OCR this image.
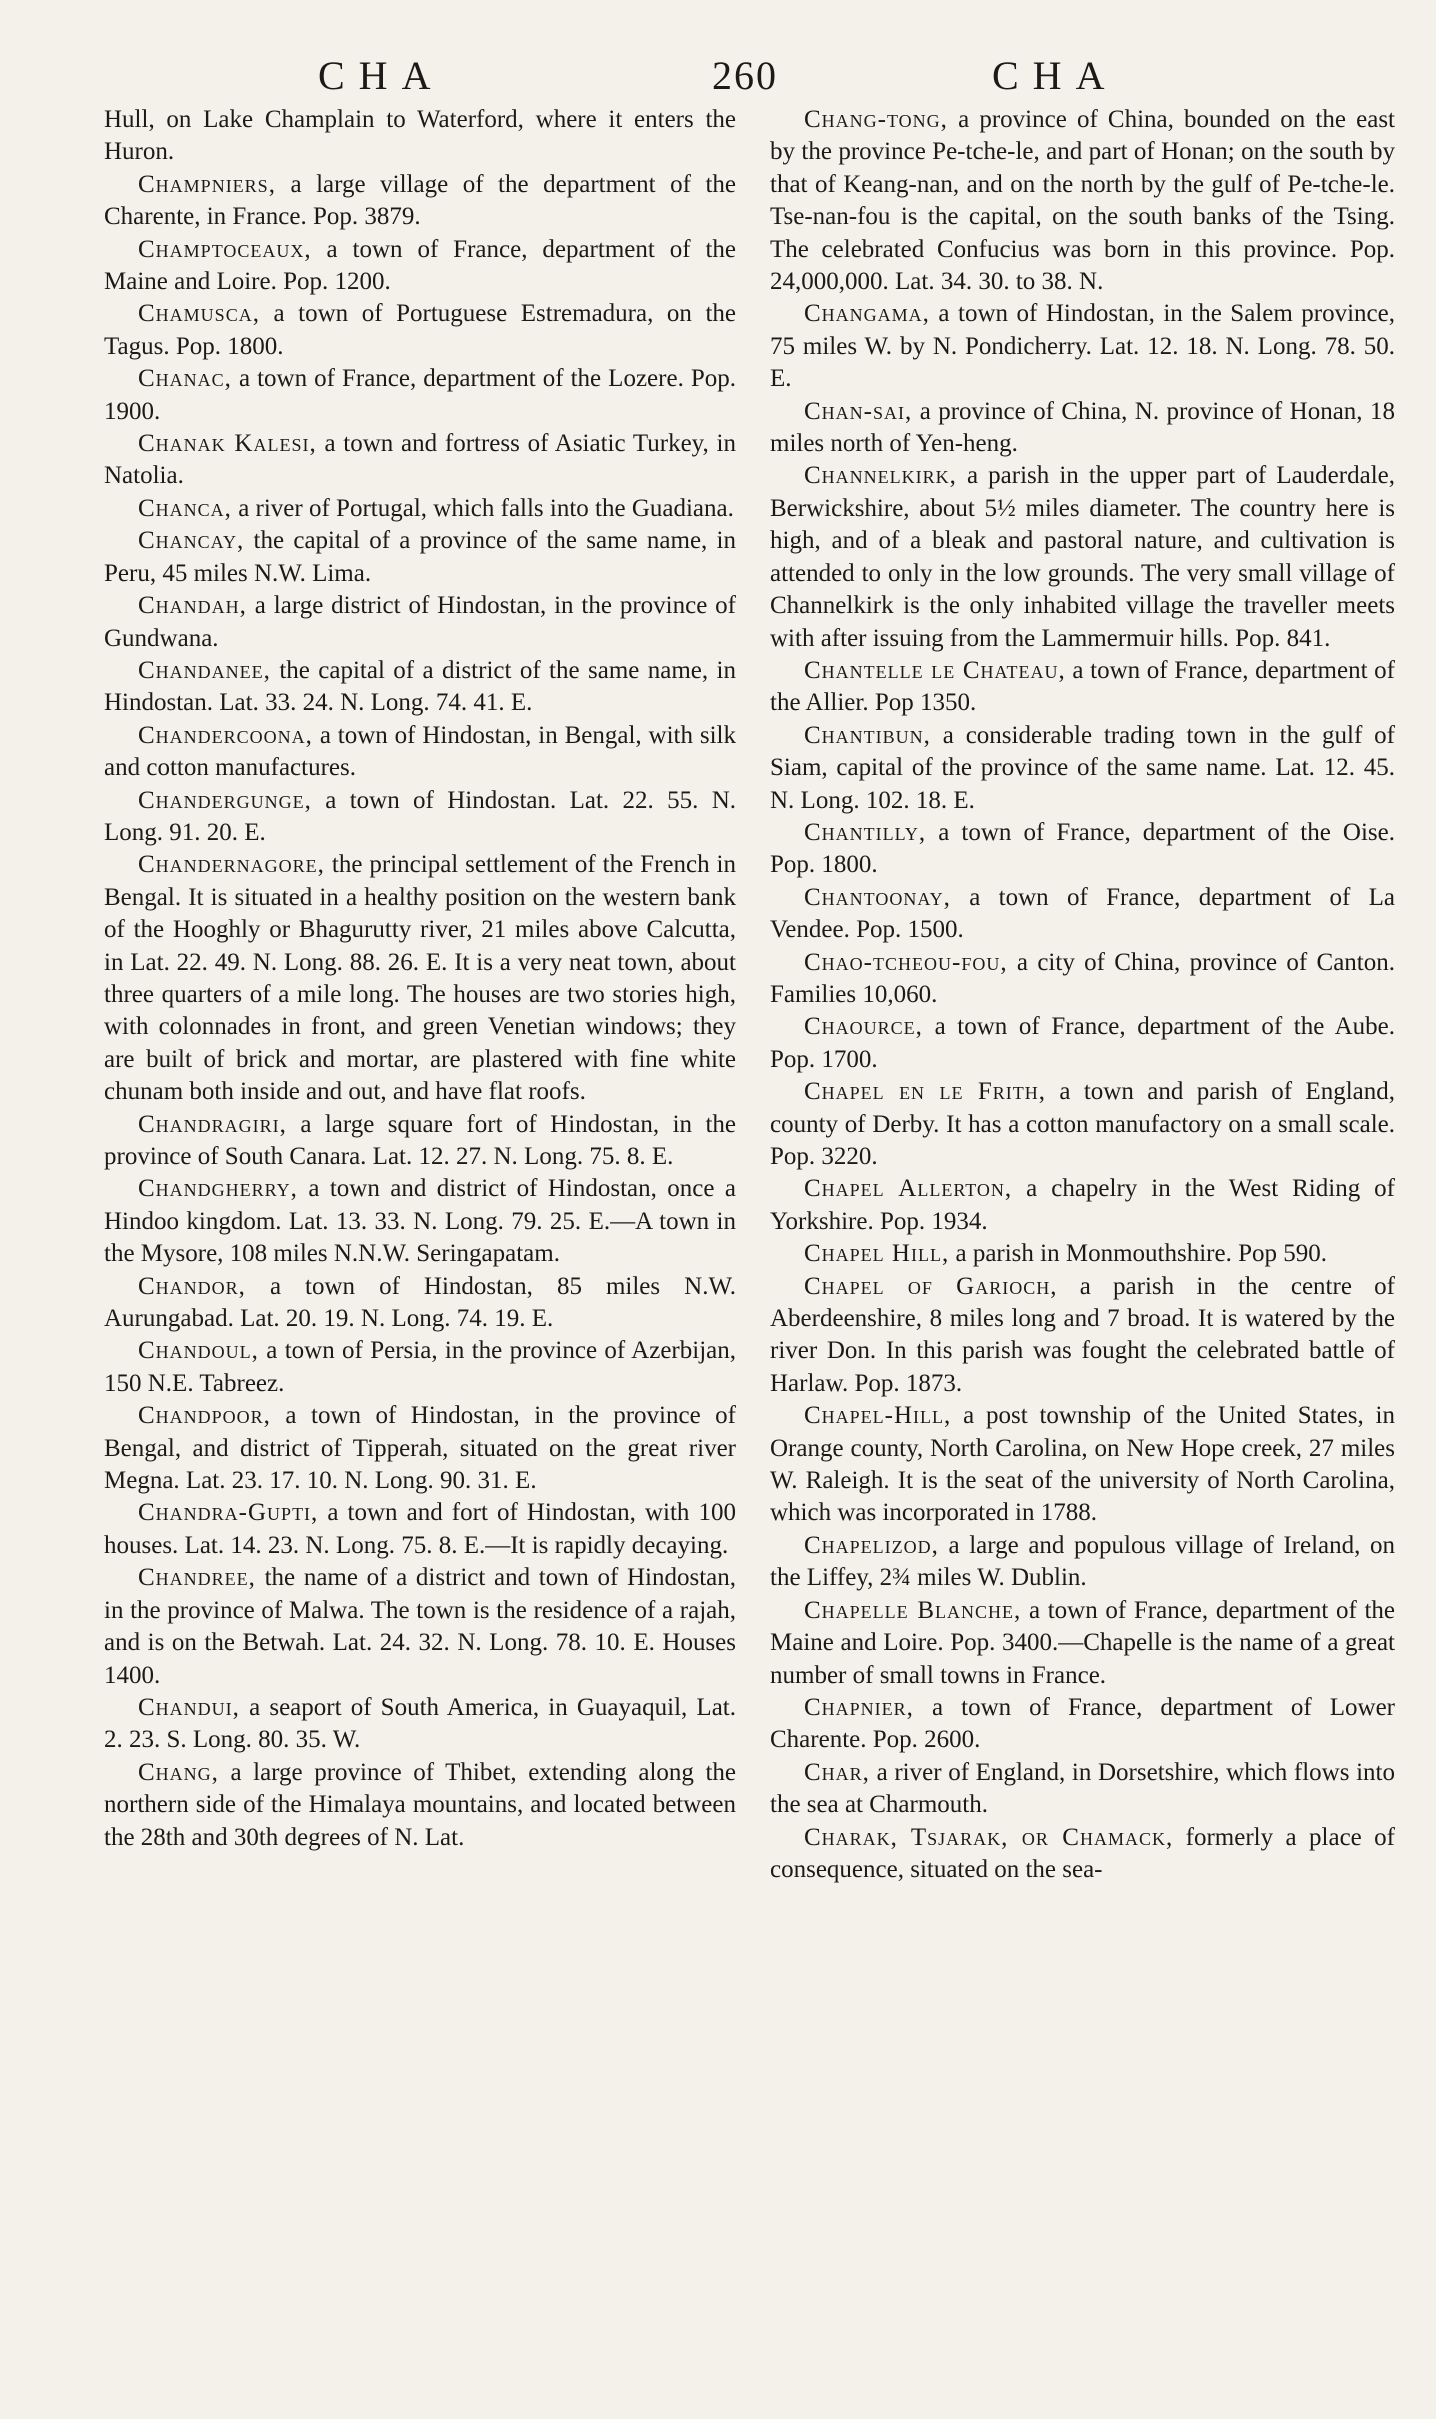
CHA	260	CHA

Hull, on Lake Champlain to Waterford, where it enters the Huron.

Champniers, a large village of the department of the Charente, in France. Pop. 3879.

Champtoceaux, a town of France, department of the Maine and Loire. Pop. 1200.

Chamusca, a town of Portuguese Estremadura, on the Tagus. Pop. 1800.

Chanac, a town of France, department of the Lozere. Pop. 1900.

Chanak Kalesi, a town and fortress of Asiatic Turkey, in Natolia.

Chanca, a river of Portugal, which falls into the Guadiana.

Chancay, the capital of a province of the same name, in Peru, 45 miles N.W. Lima.

Chandah, a large district of Hindostan, in the province of Gundwana.

Chandanee, the capital of a district of the same name, in Hindostan. Lat. 33. 24. N. Long. 74. 41. E.

Chandercoona, a town of Hindostan, in Bengal, with silk and cotton manufactures.

Chandergunge, a town of Hindostan. Lat. 22. 55. N. Long. 91. 20. E.

Chandernagore, the principal settlement of the French in Bengal. It is situated in a healthy position on the western bank of the Hooghly or Bhagurutty river, 21 miles above Calcutta, in Lat. 22. 49. N. Long. 88. 26. E. It is a very neat town, about three quarters of a mile long. The houses are two stories high, with colonnades in front, and green Venetian windows; they are built of brick and mortar, are plastered with fine white chunam both inside and out, and have flat roofs.

Chandragiri, a large square fort of Hindostan, in the province of South Canara. Lat. 12. 27. N. Long. 75. 8. E.

Chandgherry, a town and district of Hindostan, once a Hindoo kingdom. Lat. 13. 33. N. Long. 79. 25. E.—A town in the Mysore, 108 miles N.N.W. Seringapatam.

Chandor, a town of Hindostan, 85 miles N.W. Aurungabad. Lat. 20. 19. N. Long. 74. 19. E.

Chandoul, a town of Persia, in the province of Azerbijan, 150 N.E. Tabreez.

Chandpoor, a town of Hindostan, in the province of Bengal, and district of Tipperah, situated on the great river Megna. Lat. 23. 17. 10. N. Long. 90. 31. E.

Chandra-Gupti, a town and fort of Hindostan, with 100 houses. Lat. 14. 23. N. Long. 75. 8. E.—It is rapidly decaying.

Chandree, the name of a district and town of Hindostan, in the province of Malwa. The town is the residence of a rajah, and is on the Betwah. Lat. 24. 32. N. Long. 78. 10. E. Houses 1400.

Chandui, a seaport of South America, in Guayaquil, Lat. 2. 23. S. Long. 80. 35. W.

Chang, a large province of Thibet, extending along the northern side of the Himalaya mountains, and located between the 28th and 30th degrees of N. Lat.

Chang-tong, a province of China, bounded on the east by the province Pe-tche-le, and part of Honan; on the south by that of Keang-nan, and on the north by the gulf of Pe-tche-le. Tse-nan-fou is the capital, on the south banks of the Tsing. The celebrated Confucius was born in this province. Pop. 24,000,000. Lat. 34. 30. to 38. N.

Changama, a town of Hindostan, in the Salem province, 75 miles W. by N. Pondicherry. Lat. 12. 18. N. Long. 78. 50. E.

Chan-sai, a province of China, N. province of Honan, 18 miles north of Yen-heng.

Channelkirk, a parish in the upper part of Lauderdale, Berwickshire, about 5½ miles diameter. The country here is high, and of a bleak and pastoral nature, and cultivation is attended to only in the low grounds. The very small village of Channelkirk is the only inhabited village the traveller meets with after issuing from the Lammermuir hills. Pop. 841.

Chantelle le Chateau, a town of France, department of the Allier. Pop 1350.

Chantibun, a considerable trading town in the gulf of Siam, capital of the province of the same name. Lat. 12. 45. N. Long. 102. 18. E.

Chantilly, a town of France, department of the Oise. Pop. 1800.

Chantoonay, a town of France, department of La Vendee. Pop. 1500.

Chao-tcheou-fou, a city of China, province of Canton. Families 10,060.

Chaource, a town of France, department of the Aube. Pop. 1700.

Chapel en le Frith, a town and parish of England, county of Derby. It has a cotton manufactory on a small scale. Pop. 3220.

Chapel Allerton, a chapelry in the West Riding of Yorkshire. Pop. 1934.

Chapel Hill, a parish in Monmouthshire. Pop 590.

Chapel of Garioch, a parish in the centre of Aberdeenshire, 8 miles long and 7 broad. It is watered by the river Don. In this parish was fought the celebrated battle of Harlaw. Pop. 1873.

Chapel-Hill, a post township of the United States, in Orange county, North Carolina, on New Hope creek, 27 miles W. Raleigh. It is the seat of the university of North Carolina, which was incorporated in 1788.

Chapelizod, a large and populous village of Ireland, on the Liffey, 2¾ miles W. Dublin.

Chapelle Blanche, a town of France, department of the Maine and Loire. Pop. 3400.—Chapelle is the name of a great number of small towns in France.

Chapnier, a town of France, department of Lower Charente. Pop. 2600.

Char, a river of England, in Dorsetshire, which flows into the sea at Charmouth.

Charak, Tsjarak, or Chamack, formerly a place of consequence, situated on the sea-
